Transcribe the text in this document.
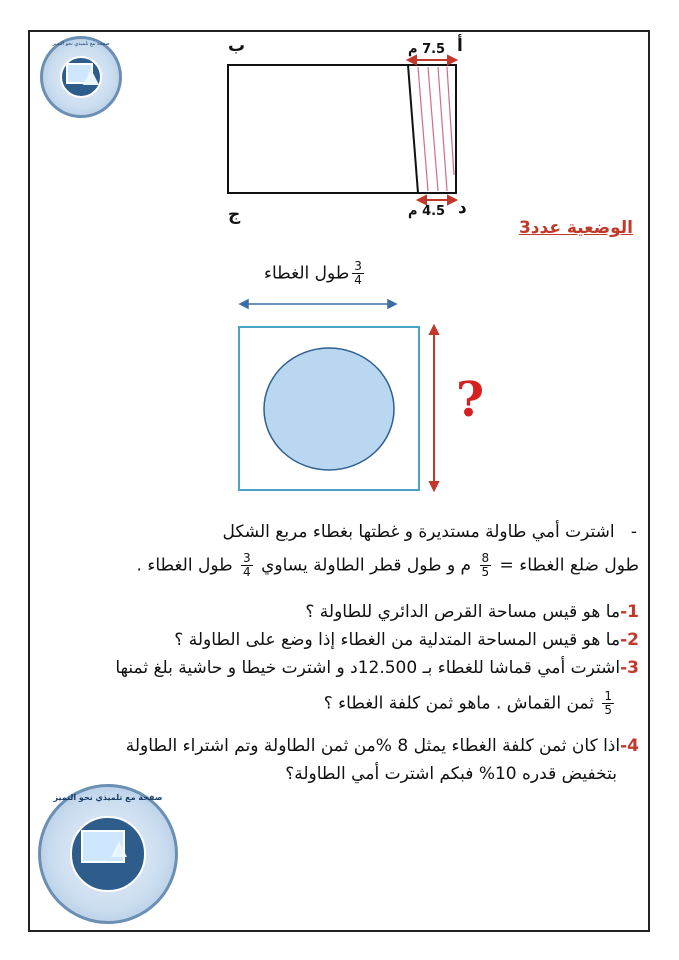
صفحة مع تلميذي نحو التميز	ب	أ
ج	د
7.5 م
4.5 م
الوضعية عدد3
$\frac{3}{4}$
طول الغطاء
?
-   اشترت أمي طاولة مستديرة و غطتها بغطاء مربع الشكل
طول ضلع الغطاء =
$\frac{8}{5}$
م و طول قطر الطاولة يساوي
$\frac{3}{4}$
طول الغطاء .
1-ما هو قيس مساحة القرص الدائري للطاولة ؟
2-ما هو قيس المساحة المتدلية من الغطاء إذا وضع على الطاولة ؟
3-اشترت أمي قماشا للغطاء بـ 12.500د و اشترت خيطا و حاشية بلغ ثمنها
$\frac{1}{5}$
ثمن القماش . ماهو ثمن كلفة الغطاء ؟
4-اذا كان ثمن كلفة الغطاء يمثل 8 %من ثمن الطاولة وتم اشتراء الطاولة
بتخفيض قدره 10% فبكم اشترت أمي الطاولة؟
صفحة مع تلميذي نحو التميز
